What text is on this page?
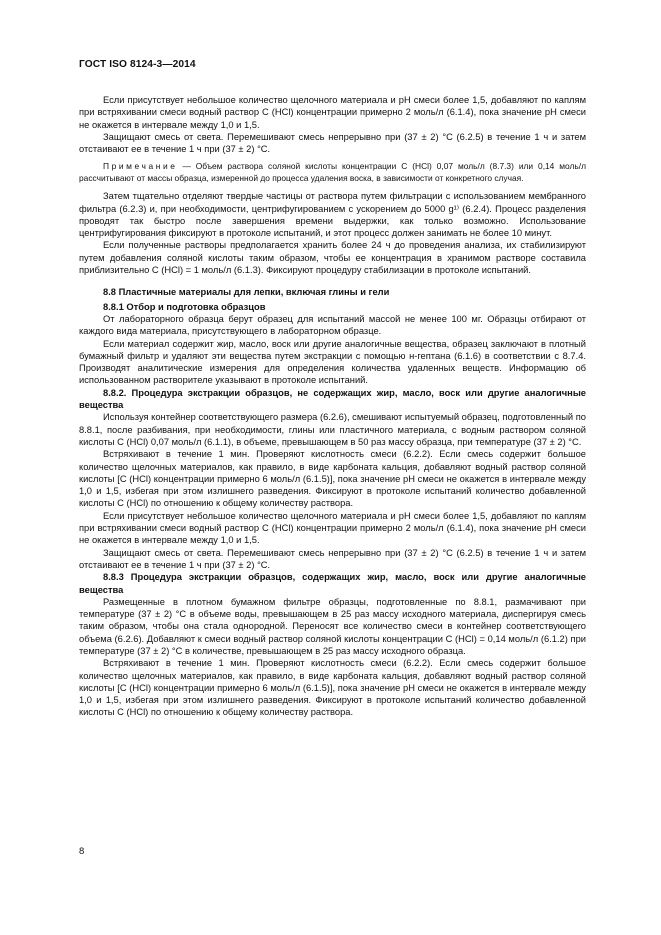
ГОСТ ISO 8124-3—2014

Если присутствует небольшое количество щелочного материала и pH смеси более 1,5, добавляют по каплям при встряхивании смеси водный раствор C (HCl) концентрации примерно 2 моль/л (6.1.4), пока значение pH смеси не окажется в интервале между 1,0 и 1,5.

Защищают смесь от света. Перемешивают смесь непрерывно при (37 ± 2) °C (6.2.5) в течение 1 ч и затем отстаивают ее в течение 1 ч при (37 ± 2) °C.

Примечание — Объем раствора соляной кислоты концентрации C (HCl) 0,07 моль/л (8.7.3) или 0,14 моль/л рассчитывают от массы образца, измеренной до процесса удаления воска, в зависимости от конкретного случая.

Затем тщательно отделяют твердые частицы от раствора путем фильтрации с использованием мембранного фильтра (6.2.3) и, при необходимости, центрифугированием с ускорением до 5000 g¹⁾ (6.2.4). Процесс разделения проводят так быстро после завершения времени выдержки, как только возможно. Использование центрифугирования фиксируют в протоколе испытаний, и этот процесс должен занимать не более 10 минут.

Если полученные растворы предполагается хранить более 24 ч до проведения анализа, их стабилизируют путем добавления соляной кислоты таким образом, чтобы ее концентрация в хранимом растворе составила приблизительно C (HCl) = 1 моль/л (6.1.3). Фиксируют процедуру стабилизации в протоколе испытаний.

8.8 Пластичные материалы для лепки, включая глины и гели

8.8.1 Отбор и подготовка образцов

От лабораторного образца берут образец для испытаний массой не менее 100 мг. Образцы отбирают от каждого вида материала, присутствующего в лабораторном образце.

Если материал содержит жир, масло, воск или другие аналогичные вещества, образец заключают в плотный бумажный фильтр и удаляют эти вещества путем экстракции с помощью н-гептана (6.1.6) в соответствии с 8.7.4. Производят аналитические измерения для определения количества удаленных веществ. Информацию об использованном растворителе указывают в протоколе испытаний.

8.8.2. Процедура экстракции образцов, не содержащих жир, масло, воск или другие аналогичные вещества

Используя контейнер соответствующего размера (6.2.6), смешивают испытуемый образец, подготовленный по 8.8.1, после разбивания, при необходимости, глины или пластичного материала, с водным раствором соляной кислоты C (HCl) 0,07 моль/л (6.1.1), в объеме, превышающем в 50 раз массу образца, при температуре (37 ± 2) °C.

Встряхивают в течение 1 мин. Проверяют кислотность смеси (6.2.2). Если смесь содержит большое количество щелочных материалов, как правило, в виде карбоната кальция, добавляют водный раствор соляной кислоты [C (HCl) концентрации примерно 6 моль/л (6.1.5)], пока значение pH смеси не окажется в интервале между 1,0 и 1,5, избегая при этом излишнего разведения. Фиксируют в протоколе испытаний количество добавленной кислоты C (HCl) по отношению к общему количеству раствора.

Если присутствует небольшое количество щелочного материала и pH смеси более 1,5, добавляют по каплям при встряхивании смеси водный раствор C (HCl) концентрации примерно 2 моль/л (6.1.4), пока значение pH смеси не окажется в интервале между 1,0 и 1,5.

Защищают смесь от света. Перемешивают смесь непрерывно при (37 ± 2) °C (6.2.5) в течение 1 ч и затем отстаивают ее в течение 1 ч при (37 ± 2) °C.

8.8.3 Процедура экстракции образцов, содержащих жир, масло, воск или другие аналогичные вещества

Размещенные в плотном бумажном фильтре образцы, подготовленные по 8.8.1, размачивают при температуре (37 ± 2) °C в объеме воды, превышающем в 25 раз массу исходного материала, диспергируя смесь таким образом, чтобы она стала однородной. Переносят все количество смеси в контейнер соответствующего объема (6.2.6). Добавляют к смеси водный раствор соляной кислоты концентрации C (HCl) = 0,14 моль/л (6.1.2) при температуре (37 ± 2) °C в количестве, превышающем в 25 раз массу исходного образца.

Встряхивают в течение 1 мин. Проверяют кислотность смеси (6.2.2). Если смесь содержит большое количество щелочных материалов, как правило, в виде карбоната кальция, добавляют водный раствор соляной кислоты [C (HCl) концентрации примерно 6 моль/л (6.1.5)], пока значение pH смеси не окажется в интервале между 1,0 и 1,5, избегая при этом излишнего разведения. Фиксируют в протоколе испытаний количество добавленной кислоты C (HCl) по отношению к общему количеству раствора.

8
